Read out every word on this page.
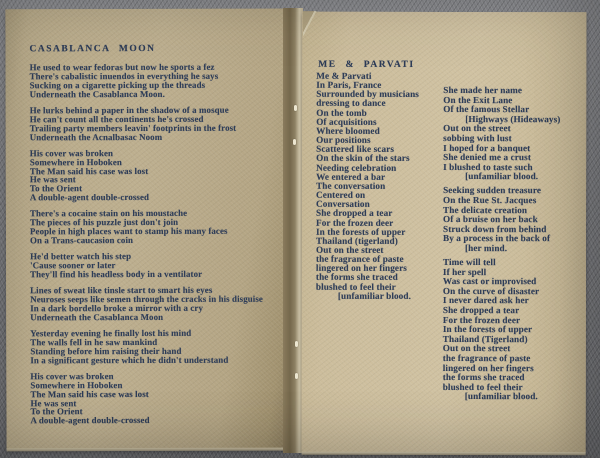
CASABLANCA MOON

He used to wear fedoras but now he sports a fez
There's cabalistic inuendos in everything he says
Sucking on a cigarette picking up the threads
Underneath the Casablanca Moon.

He lurks behind a paper in the shadow of a mosque
He can't count all the continents he's crossed
Trailing party members leavin' footprints in the frost
Underneath the Acnalbasac Noom

His cover was broken
Somewhere in Hoboken
The Man said his case was lost
He was sent
To the Orient
A double-agent double-crossed

There's a cocaine stain on his moustache
The pieces of his puzzle just don't join
People in high places want to stamp his many faces
On a Trans-caucasion coin

He'd better watch his step
'Cause sooner or later
They'll find his headless body in a ventilator

Lines of sweat like tinsle start to smart his eyes
Neuroses seeps like semen through the cracks in his disguise
In a dark bordello broke a mirror with a cry
Underneath the Casablanca Moon

Yesterday evening he finally lost his mind
The walls fell in he saw mankind
Standing before him raising their hand
In a significant gesture which he didn't understand

His cover was broken
Somewhere in Hoboken
The Man said his case was lost
He was sent
To the Orient
A double-agent double-crossed

ME & PARVATI

Me & Parvati
In Paris, France
Surrounded by musicians
dressing to dance
On the tomb
Of acquisitions
Where bloomed
Our positions
Scattered like scars
On the skin of the stars
Needing celebration
We entered a bar
The conversation
Centered on
Conversation
She dropped a tear
For the frozen deer
In the forests of upper
Thailand (tigerland)
Out on the street
the fragrance of paste
lingered on her fingers
the forms she traced
blushed to feel their
[unfamiliar blood.

She made her name
On the Exit Lane
Of the famous Stellar
[Highways (Hideaways)
Out on the street
sobbing with lust
I hoped for a banquet
She denied me a crust
I blushed to taste such
[unfamiliar blood.

Seeking sudden treasure
On the Rue St. Jacques
The delicate creation
Of a bruise on her back
Struck down from behind
By a process in the back of
[her mind.

Time will tell
If her spell
Was cast or improvised
On the curve of disaster
I never dared ask her
She dropped a tear
For the frozen deer
In the forests of upper
Thailand (Tigerland)
Out on the street
the fragrance of paste
lingered on her fingers
the forms she traced
blushed to feel their
[unfamiliar blood.
